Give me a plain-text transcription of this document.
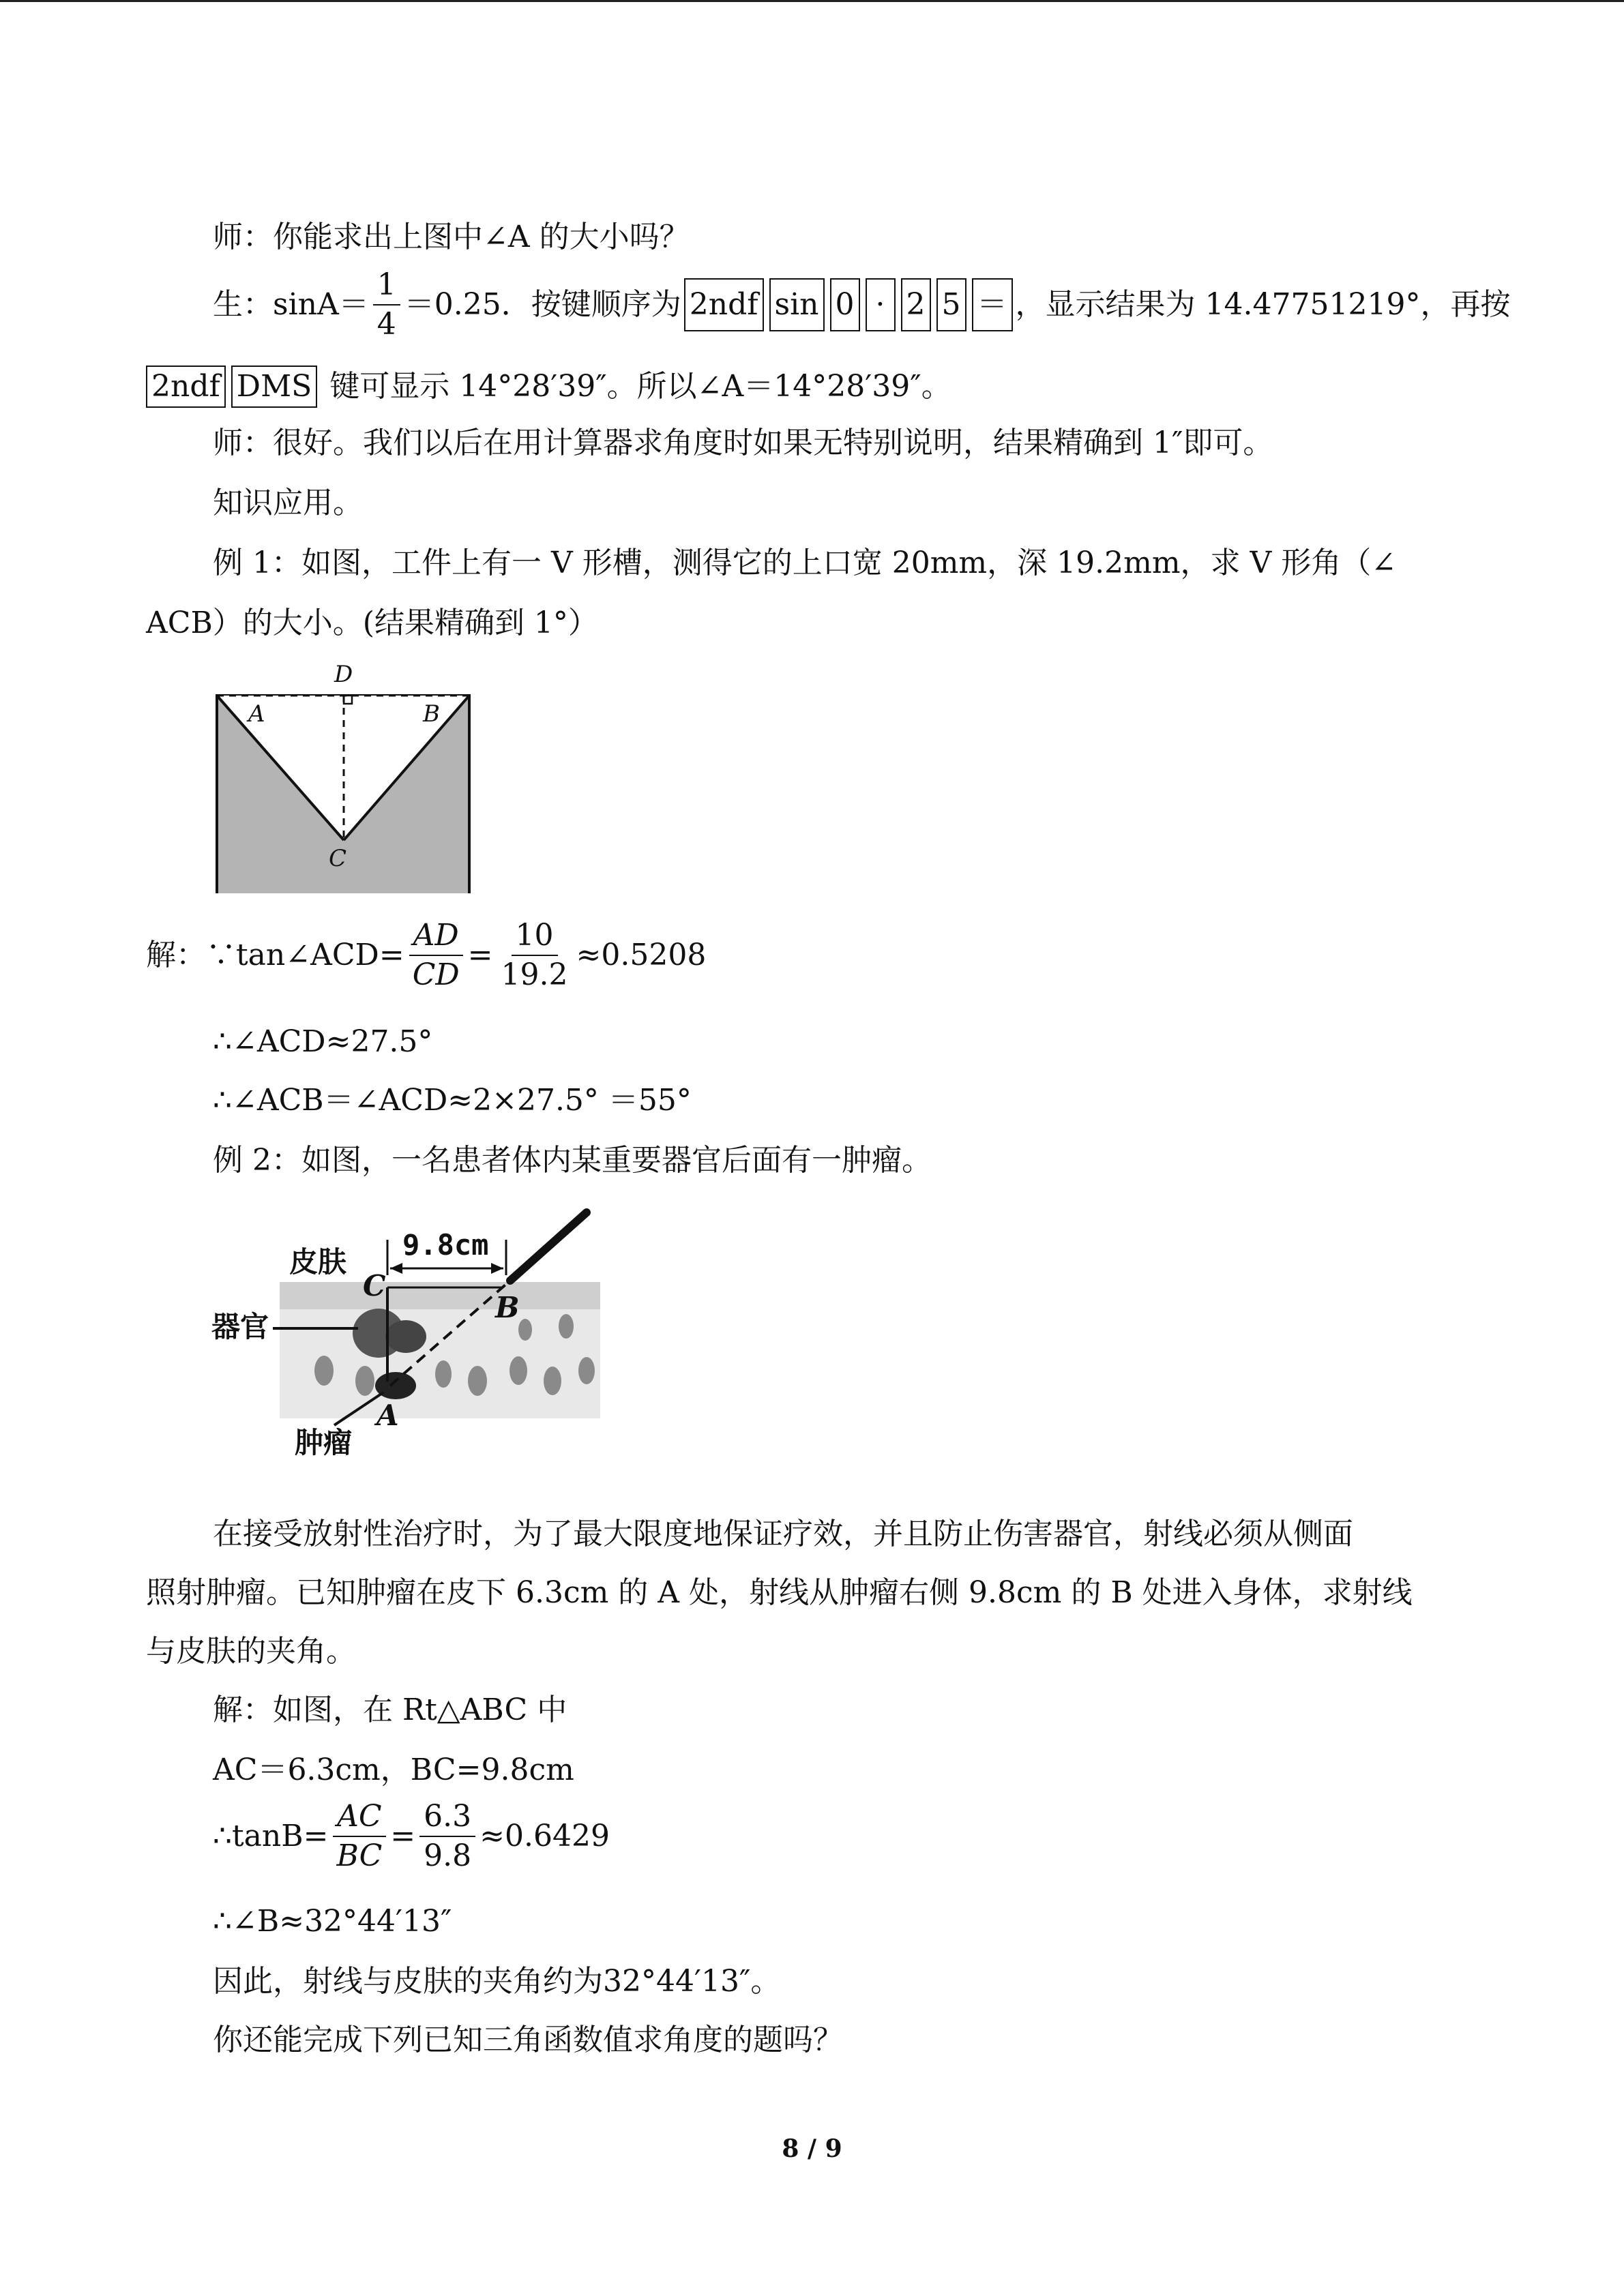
师：你能求出上图中∠A 的大小吗？
生：$\sin A= \frac{1}{4} =0.25$．按键顺序为 2ndf sin 0 · 2 5 ＝ ，显示结果为 14.47751219°，再按
2ndf DMS 键可显示 14°28′39″。所以∠A＝14°28′39″。
师：很好。我们以后在用计算器求角度时如果无特别说明，结果精确到 1″即可。
知识应用。
例 1：如图，工件上有一 V 形槽，测得它的上口宽 20mm，深 19.2mm，求 V 形角（∠
ACB）的大小。(结果精确到 1°）
A	B
D
C
解：∵tan∠ACD= $\frac{AD}{CD} = \frac{10}{19.2} \approx 0.5208$
∴∠ACD≈27.5°
∴∠ACB＝∠ACD≈2×27.5° ＝55°
例 2：如图，一名患者体内某重要器官后面有一肿瘤。
9.8cm
皮肤
器官
肿瘤
C
B
A
在接受放射性治疗时，为了最大限度地保证疗效，并且防止伤害器官，射线必须从侧面
照射肿瘤。已知肿瘤在皮下 6.3cm 的 A 处，射线从肿瘤右侧 9.8cm 的 B 处进入身体，求射线
与皮肤的夹角。
解：如图，在 Rt△ABC 中
AC＝6.3cm，BC=9.8cm
∴tanB= $\frac{AC}{BC} = \frac{6.3}{9.8} \approx 0.6429$
∴∠B≈32°44′13″
因此，射线与皮肤的夹角约为32°44′13″。
你还能完成下列已知三角函数值求角度的题吗？
8 / 9
